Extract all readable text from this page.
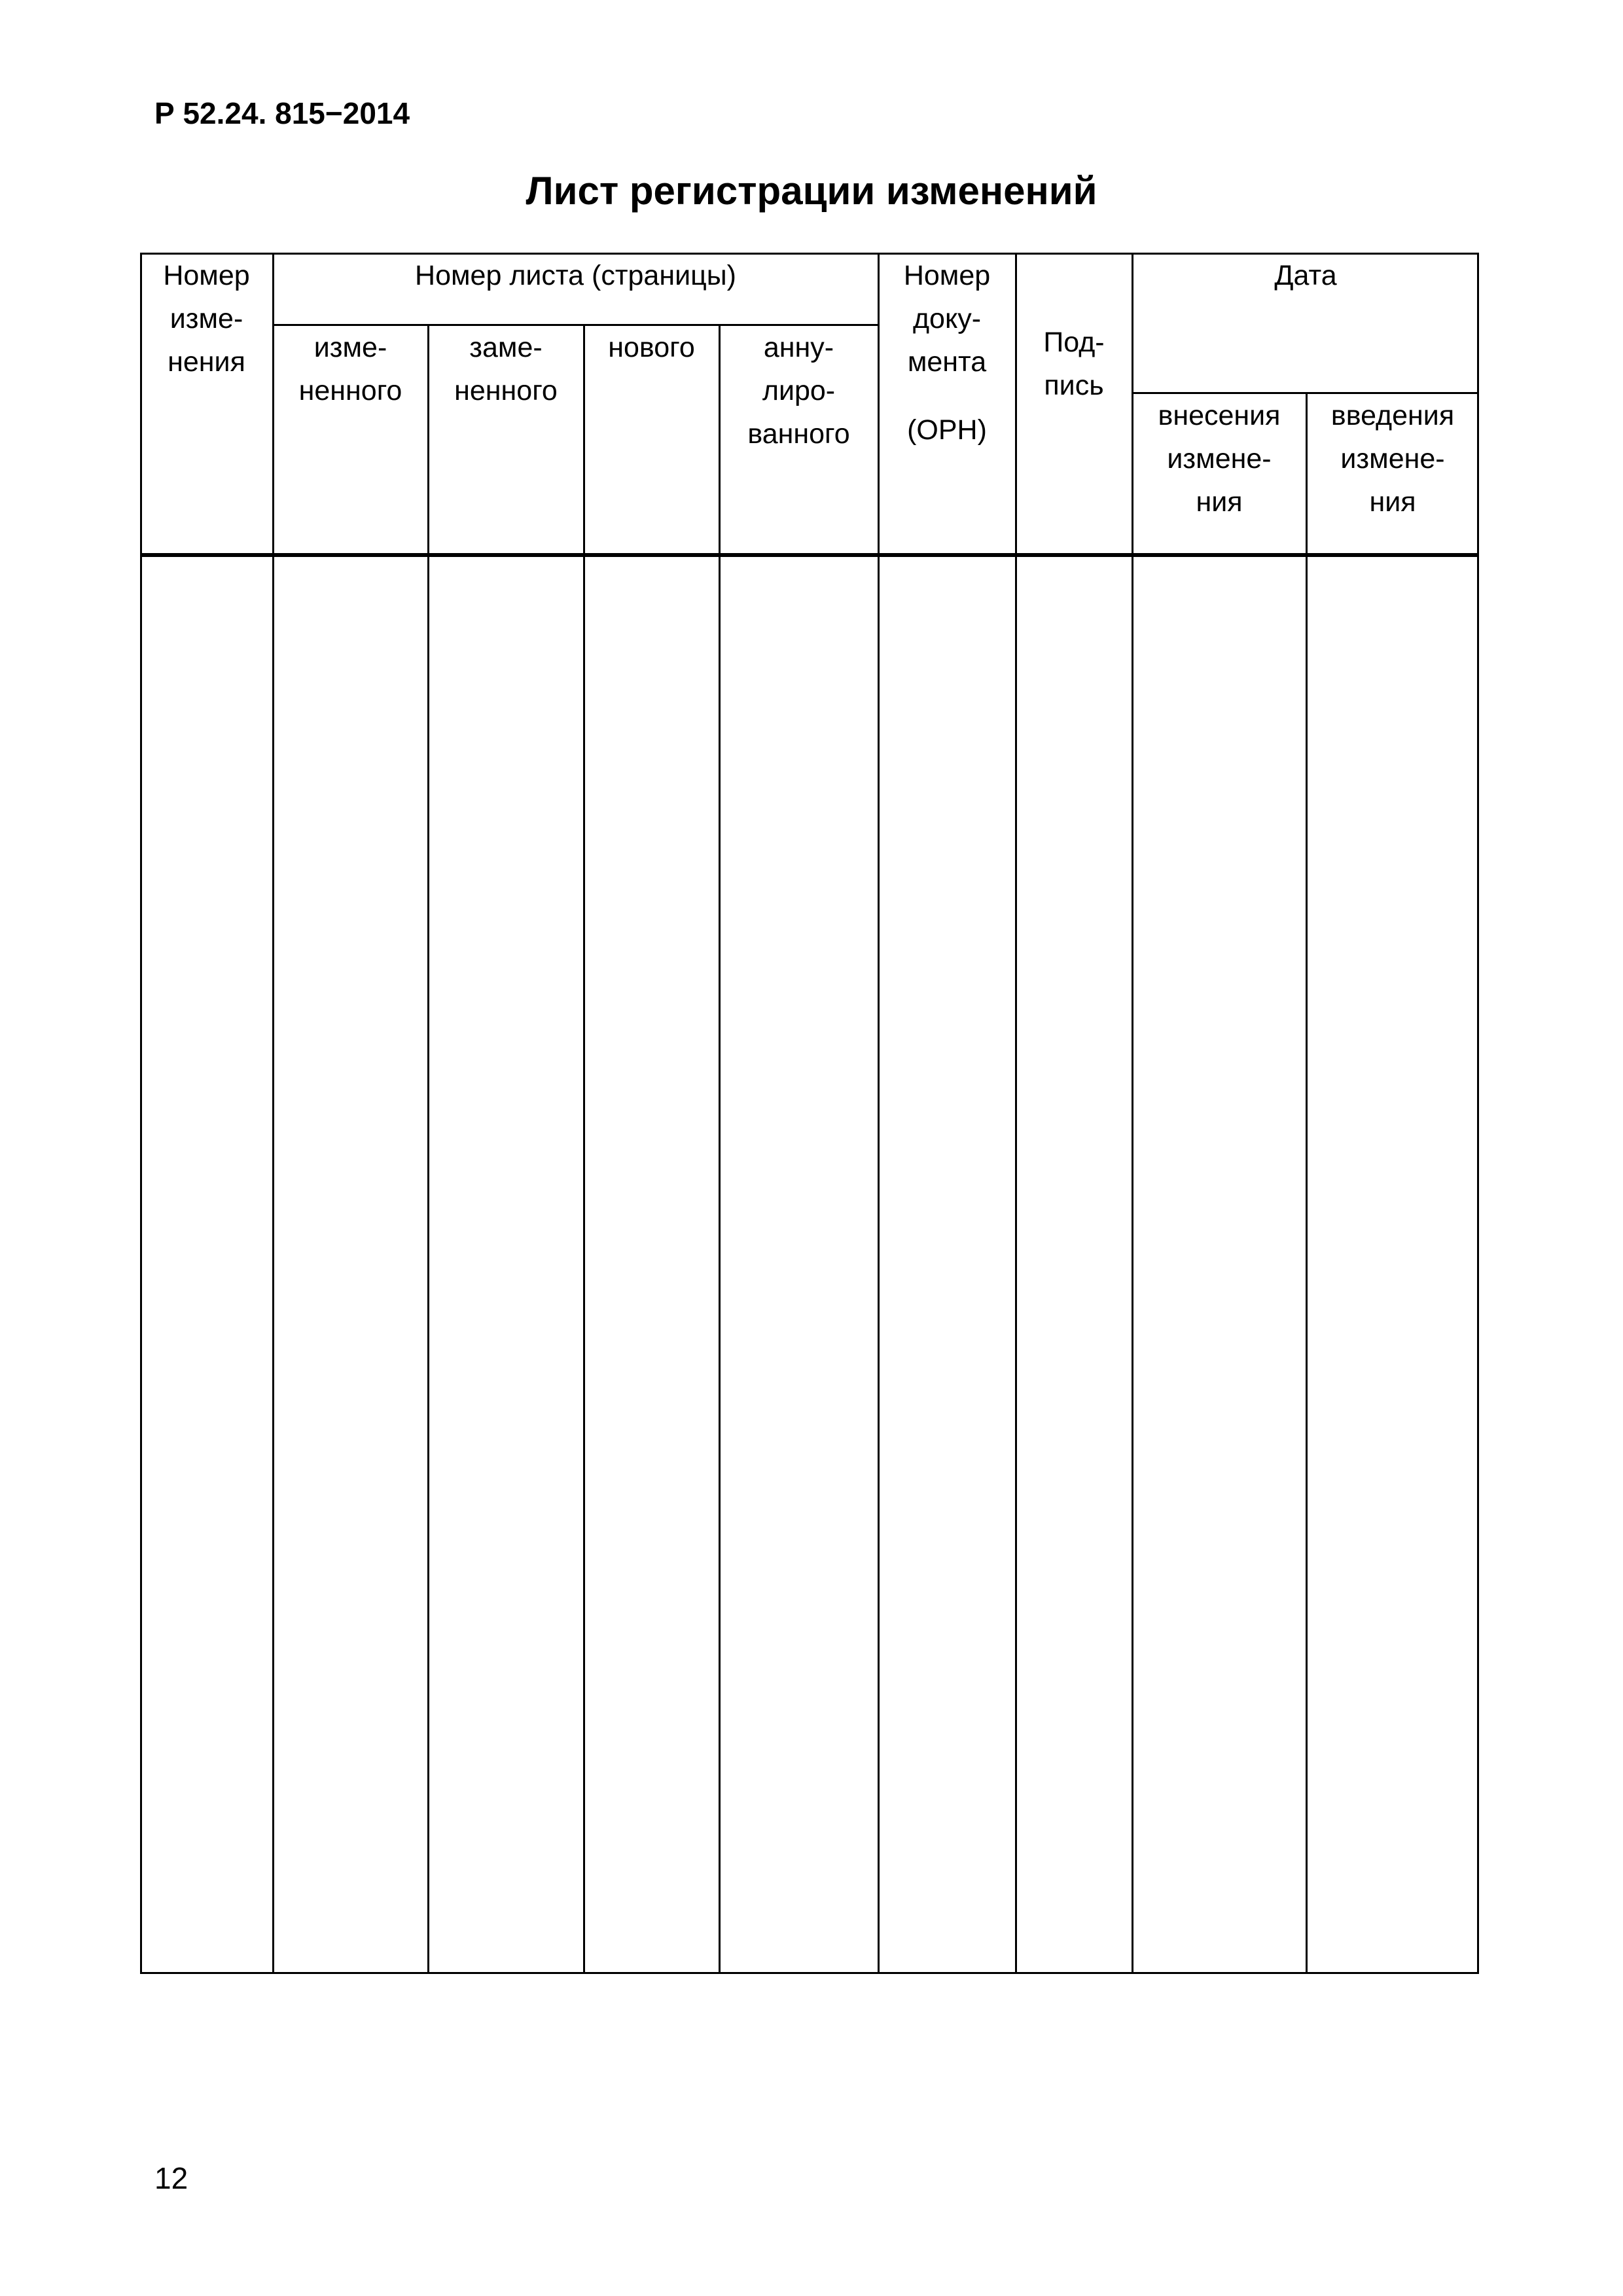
Р 52.24. 815−2014
Лист регистрации изменений
Номер
изме-
нения
Номер листа (страницы)
изме-
ненного
заме-
ненного
нового	анну-
лиро-
ванного
Номер
доку-
мента
(ОРН)
Под-
пись
Дата
внесения
измене-
ния
введения
измене-
ния
12
